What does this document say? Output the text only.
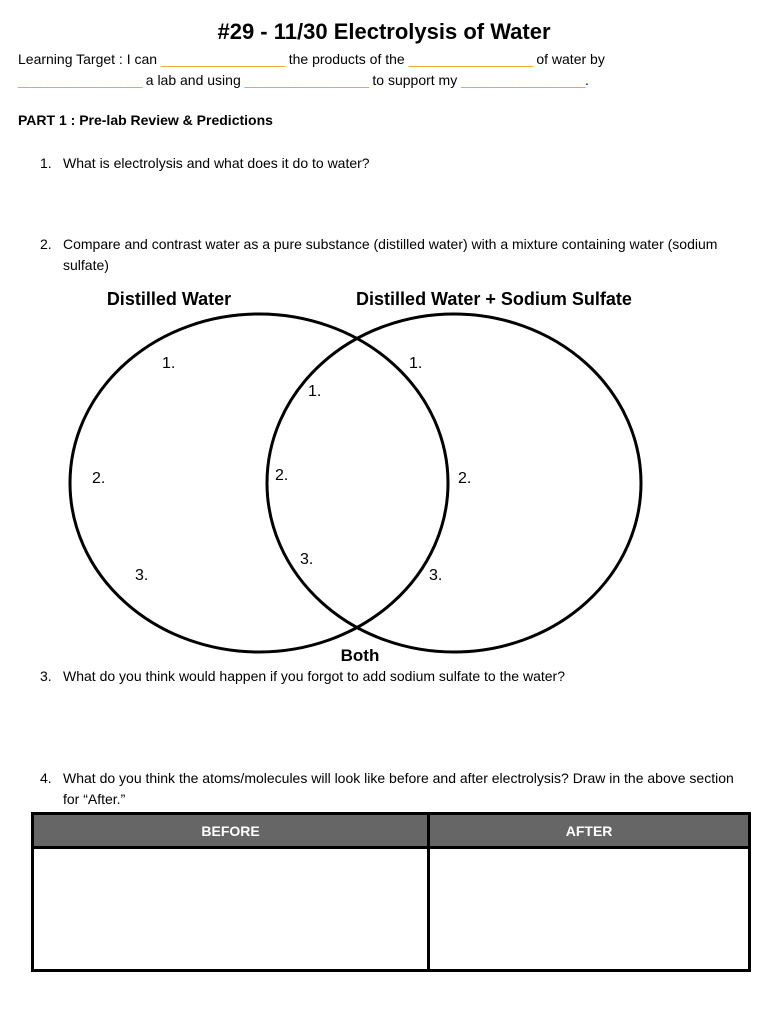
#29 - 11/30 Electrolysis of Water
Learning Target : I can _________________ the products of the _________________ of water by
_________________ a lab and using _________________ to support my _________________.
PART 1 : Pre-lab Review & Predictions
1. What is electrolysis and what does it do to water?
2. Compare and contrast water as a pure substance (distilled water) with a mixture containing water (sodium sulfate)
Distilled Water	Distilled Water + Sodium Sulfate
1.
2.
3.
1.
2.
3.
1.
2.
3.
Both
3. What do you think would happen if you forgot to add sodium sulfate to the water?
4. What do you think the atoms/molecules will look like before and after electrolysis? Draw in the above section for “After.”
BEFORE	AFTER
